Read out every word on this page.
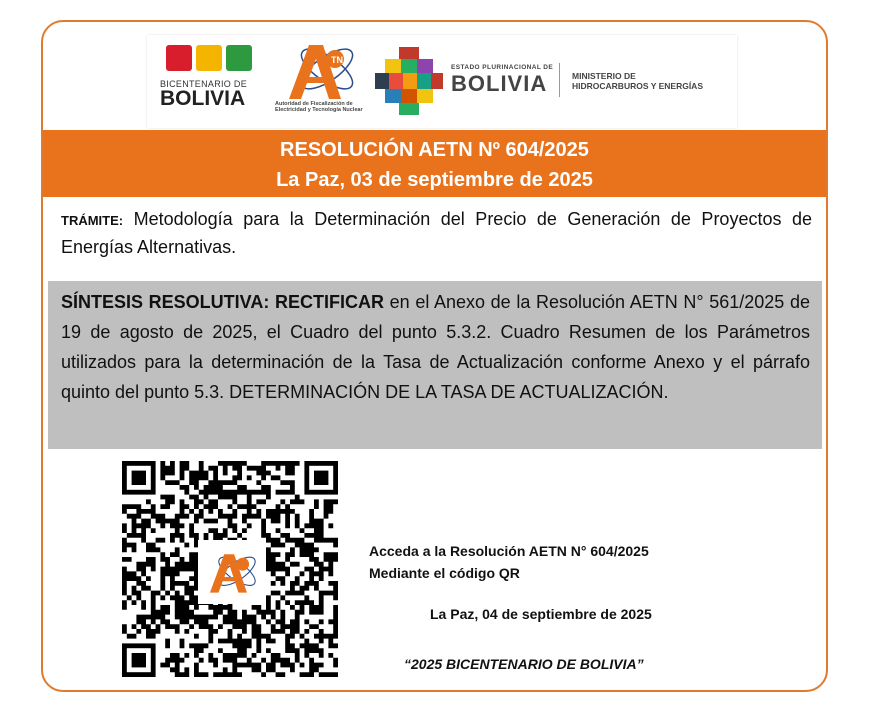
BICENTENARIO DE
BOLIVIA
TN
Autoridad de Fiscalización de Electricidad y Tecnología Nuclear
ESTADO PLURINACIONAL DE
BOLIVIA	MINISTERIO DE
HIDROCARBUROS Y ENERGÍAS
RESOLUCIÓN AETN Nº 604/2025
La Paz, 03 de septiembre de 2025
TRÁMITE: Metodología para la Determinación del Precio de Generación de Proyectos de Energías Alternativas.
SÍNTESIS RESOLUTIVA: RECTIFICAR en el Anexo de la Resolución AETN N° 561/2025 de 19 de agosto de 2025, el Cuadro del punto 5.3.2. Cuadro Resumen de los Parámetros utilizados para la determinación de la Tasa de Actualización conforme Anexo y el párrafo quinto del punto 5.3. DETERMINACIÓN DE LA TASA DE ACTUALIZACIÓN.
Acceda a la Resolución AETN N° 604/2025
Mediante el código QR
La Paz, 04 de septiembre de 2025
“2025 BICENTENARIO DE BOLIVIA”
